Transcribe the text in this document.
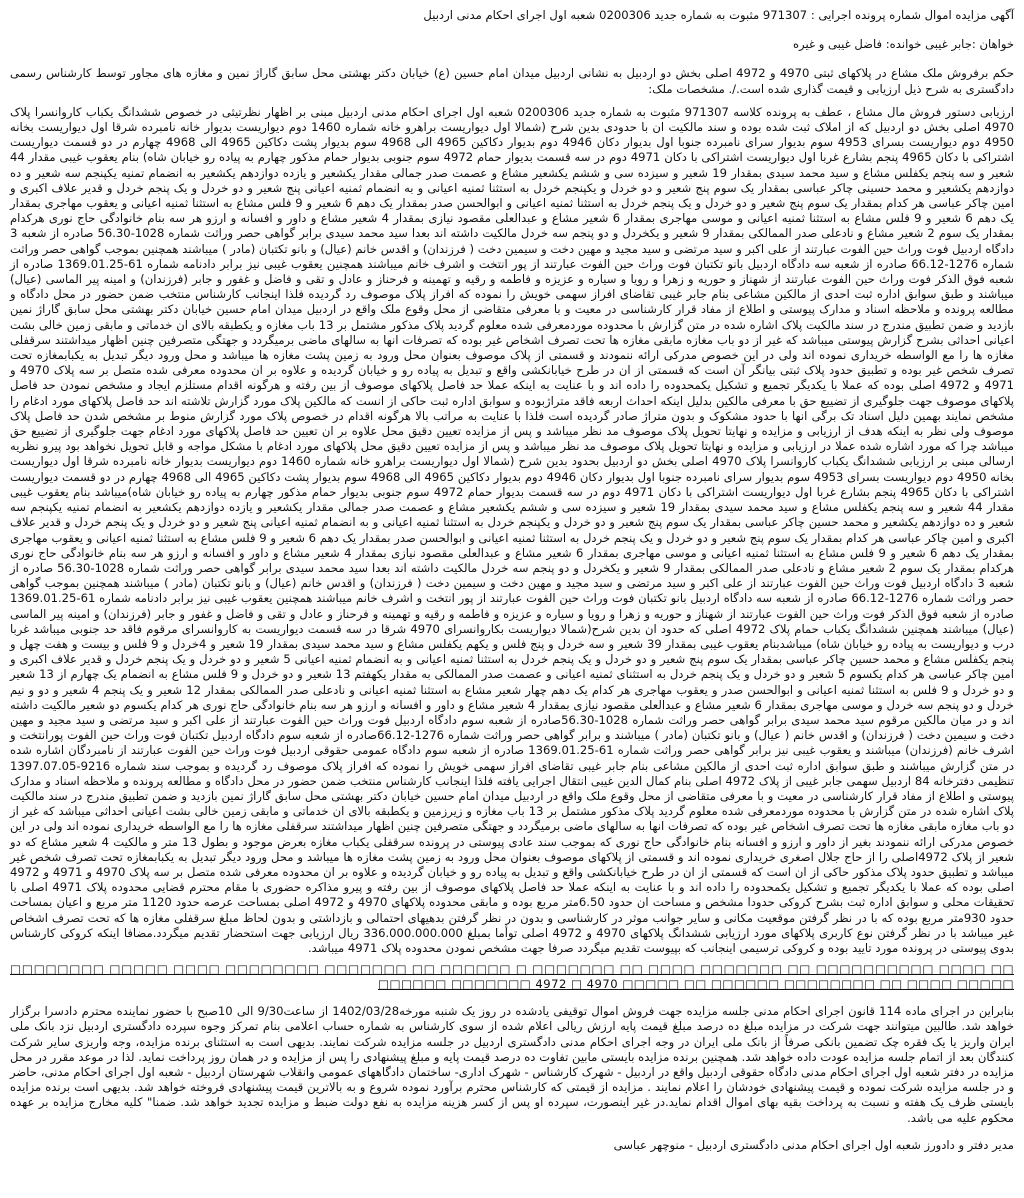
آگهی مزایده اموال شماره پرونده اجرایی : 971307 مثبوت به شماره جدید 0200306 شعبه اول اجرای احکام مدنی اردبیل

خواهان :جابر غیبی خوانده: فاضل غیبی و غیره

حکم برفروش ملک مشاع در پلاکهای ثبتی 4970 و 4972 اصلی بخش دو اردبیل به نشانی اردبیل میدان امام حسین (ع) خیابان دکتر بهشتی محل سابق گاراژ نمین و مغازه های مجاور توسط کارشناس رسمی دادگستری به شرح ذیل ارزیابی و قیمت گذاری شده است./. مشخصات ملک:

ارزیابی دستور فروش مال مشاع ، عطف به پرونده کلاسه 971307 مثبوت به شماره جدید 0200306 شعبه اول اجرای احکام مدنی اردبیل مبنی بر اظهار نظرتیثی در خصوص ششدانگ یکباب کاروانسرا پلاک 4970 اصلی بخش دو اردبیل که از املاک ثبت شده بوده و سند مالکیت ان با حدودی بدین شرح (شمالا اول دیواریست براهرو خانه شماره 1460 دوم دیواریست بدیوار خانه نامبرده شرقا اول دیواریست بخانه 4950 دوم دیواریست بسرای 4953 سوم بدیوار سرای نامبرده جنوبا اول بدیوار دکان 4946 دوم بدیوار دکاکین 4965 الی 4968 سوم بدیوار پشت دکاکین 4965 الی 4968 چهارم در دو قسمت دیواریست اشتراکی با دکان 4965 پنجم بشارع غربا اول دیواریست اشتراکی با دکان 4971 دوم در سه قسمت بدیوار حمام 4972 سوم جنوبی بدیوار حمام مذکور چهارم به پیاده رو خیابان شاه) بنام یعقوب غیبی مقدار 44 شعیر و سه پنجم یکفلس مشاع و سید محمد سیدی بمقدار 19 شعیر و سیزده سی و ششم یکشعیر مشاع و عصمت صدر جمالی مقدار یکشعیر و یازده دوازدهم یکشعیر به انضمام تمنیه یکپنجم سه شعیر و ده دوازدهم یکشعیر و محمد حسینی چاکر عباسی بمقدار یک سوم پنج شعیر و دو خردل و یکپنجم خردل به استثنا ثمنیه اعیانی و به انضمام ثمنیه اعیانی پنج شعیر و دو خردل و یک پنجم خردل و قدیر علاف اکبری و امین چاکر عباسی هر کدام بمقدار یک سوم پنج شعیر و دو خردل و یک پنجم خردل به استثنا ثمنیه اعیانی و ابوالحسن صدر بمقدار یک دهم 6 شعیر و 9 فلس مشاع به استثنا ثمنیه اعیانی و یعقوب مهاجری بمقدار یک دهم 6 شعیر و 9 فلس مشاع به استثنا ثمنیه اعیانی و موسی مهاجری بمقدار 6 شعیر مشاع و عبدالعلی مقصود نیازی بمقدار 4 شعیر مشاع و داور و افسانه و ارزو هر سه بنام خانوادگی حاج نوری هرکدام بمقدار یک سوم 2 شعیر مشاع و نادعلی صدر الممالکی بمقدار 9 شعیر و یکخردل و دو پنجم سه خردل مالکیت داشته اند بعدا سید محمد سیدی برابر گواهی حصر وراثت شماره 1028-56.30 صادره از شعبه 3 دادگاه اردبیل فوت وراث حین الفوت عبارتند از علی اکبر و سید مرتضی و سید مجید و مهین دخت و سیمین دخت ( فرزندان) و اقدس خانم (عیال) و بانو تکتبان (مادر ) میباشند همچنین بموجب گواهی حصر وراثت شماره 1276-66.12 صادره از شعبه سه دادگاه اردبیل بانو تکتبان فوت وراث حین الفوت عبارتند از پور انتخت و اشرف خانم میباشند همچنین یعقوب غیبی نیز برابر دادنامه شماره 61-1369.01.25 صادره از شعبه فوق الذکر فوت وراث حین الفوت عبارتند از شهناز و حوریه و زهرا و رویا و سیاره و عزیزه و فاطمه و رقیه و تهمینه و فرحناز و عادل و تقی و فاضل و غفور و جابر (فرزندان) و امینه پیر الماسی (عیال) میباشند و طبق سوابق اداره ثبت احدی از مالکین مشاعی بنام جابر غیبی تقاضای افراز سهمی خویش را نموده که افراز پلاک موصوف رد گردیده فلذا اینجانب کارشناس منتخب ضمن حضور در محل دادگاه و مطالعه پرونده و ملاحظه اسناد و مدارک پیوستی و اطلاع از مفاد قرار کارشناسی در معیت و با معرفی متقاضی از محل وقوع ملک واقع در اردبیل میدان امام حسین خیابان دکتر بهشتی محل سابق گاراژ نمین بازدید و ضمن تطبیق مندرج در سند مالکیت پلاک اشاره شده در متن گزارش با محدوده موردمعرفی شده معلوم گردید پلاک مذکور مشتمل بر 13 باب مغازه و یکطبقه بالای ان خدماتی و مابقی زمین خالی بشت اعیانی احداثی بشرح گزارش پیوستی میباشد که غیر از دو باب مغازه مابقی مغازه ها تحت تصرف اشخاص غیر بوده که تصرفات انها به سالهای ماضی برمیگردد و جهتگی متصرفین چنین اظهار میداشتند سرقفلی مغازه ها را مع الواسطه خریداری نموده اند ولی در این خصوص مدرکی ارائه ننمودند و قسمتی از پلاک موصوف بعنوان محل ورود به زمین پشت مغازه ها میباشد و محل ورود دیگر تبدیل به یکبابمغازه تحت تصرف شخص غیر بوده و تطبیق حدود پلاک ثبتی بیانگر آن است که قسمتی از ان در طرح خیابانکشی واقع و تبدیل به پیاده رو و خیابان گردیده و علاوه بر ان محدوده معرفی شده متصل بر سه پلاک 4970 و 4971 و 4972 اصلی بوده که عملا با یکدیگر تجمیع و تشکیل یکمحدوده را داده اند و با عنایت به اینکه عملا حد فاصل پلاکهای موصوف از بین رفته و هرگونه اقدام مستلزم ایجاد و مشخص نمودن حد فاصل پلاکهای موصوف جهت جلوگیری از تضییع حق با معرفی مالکین بدلیل اینکه احداث اربعه فاقد متراژبوده و سوابق اداره ثبت حاکی از انست که مالکین پلاک مورد گزارش تلاشته اند حد فاصل پلاکهای مورد ادغام را مشخص نمایند بهمین دلیل اسناد تک برگی انها با حدود مشکوک و بدون متراژ صادر گردیده است فلذا با عنایت به مراتب بالا هرگونه اقدام در خصوص پلاک مورد گزارش منوط بر مشخص شدن حد فاصل پلاک موصوف ولی نظر به اینکه هدف از ارزیابی و مزایده و نهایتا تحویل پلاک موصوف مد نظر میباشد و پس از مزایده تعیین دقیق محل علاوه بر ان تعیین حد فاصل پلاکهای مورد ادغام جهت جلوگیری از تضییع حق میباشد چرا که مورد اشاره شده عملا در ارزیابی و مزایده و نهایتا تحویل پلاک موصوف مد نظر میباشد و پس از مزایده تعیین دقیق محل پلاکهای مورد ادغام با مشکل مواجه و قابل تحویل نخواهد بود پیرو نظریه ارسالی مبنی بر ارزیابی ششدانگ یکباب کاروانسرا پلاک 4970 اصلی بخش دو اردبیل بحدود بدین شرح (شمالا اول دیواریست براهرو خانه شماره 1460 دوم دیواریست بدیوار خانه نامبرده شرقا اول دیواریست بخانه 4950 دوم دیواریست بسرای 4953 سوم بدیوار سرای نامبرده جنوبا اول بدیوار دکان 4946 دوم بدیوار دکاکین 4965 الی 4968 سوم بدیوار پشت دکاکین 4965 الی 4968 چهارم در دو قسمت دیواریست اشتراکی با دکان 4965 پنجم بشارع غربا اول دیواریست اشتراکی با دکان 4971 دوم در سه قسمت بدیوار حمام 4972 سوم جنوبی بدیوار حمام مذکور چهارم به پیاده رو خیابان شاه)میباشد بنام یعقوب غیبی مقدار 44 شعیر و سه پنجم یکفلس مشاع و سید محمد سیدی بمقدار 19 شعیر و سیزده سی و ششم یکشعیر مشاع و عصمت صدر جمالی مقدار یکشعیر و یازده دوازدهم یکشعیر به انضمام تمنیه یکپنجم سه شعیر و ده دوازدهم یکشعیر و محمد حسین چاکر عباسی بمقدار یک سوم پنج شعیر و دو خردل و یکپنجم خردل به استثنا ثمنیه اعیانی و به انضمام ثمنیه اعیانی پنج شعیر و دو خردل و یک پنجم خردل و قدیر علاف اکبری و امین چاکر عباسی هر کدام بمقدار یک سوم پنج شعیر و دو خردل و یک پنجم خردل به استثنا ثمنیه اعیانی و ابوالحسن صدر بمقدار یک دهم 6 شعیر و 9 فلس مشاع به استثنا ثمنیه اعیانی و یعقوب مهاجری بمقدار یک دهم 6 شعیر و 9 فلس مشاع به استثنا ثمنیه اعیانی و موسی مهاجری بمقدار 6 شعیر مشاع و عبدالعلی مقصود نیازی بمقدار 4 شعیر مشاع و داور و افسانه و ارزو هر سه بنام خانوادگی حاج نوری هرکدام بمقدار یک سوم 2 شعیر مشاع و نادعلی صدر الممالکی بمقدار 9 شعیر و یکخردل و دو پنجم سه خردل مالکیت داشته اند بعدا سید محمد سیدی برابر گواهی حصر وراثت شماره 1028-56.30 صادره از شعبه 3 دادگاه اردبیل فوت وراث حین الفوت عبارتند از علی اکبر و سید مرتضی و سید مجید و مهین دخت و سیمین دخت ( فرزندان) و اقدس خانم (عیال) و بانو تکتبان (مادر ) میباشند همچنین بموجب گواهی حصر وراثت شماره 1276-66.12 صادره از شعبه سه دادگاه اردبیل بانو تکتبان فوت وراث حین الفوت عبارتند از پور انتخت و اشرف خانم میباشند همچنین یعقوب غیبی نیز برابر دادنامه شماره 61-1369.01.25 صادره از شعبه فوق الذکر فوت وراث حین الفوت عبارتند از شهناز و حوریه و زهرا و رویا و سیاره و عزیزه و فاطمه و رقیه و تهمینه و فرحناز و عادل و تقی و فاضل و غفور و جابر (فرزندان) و امینه پیر الماسی (عیال) میباشند همچنین ششدانگ یکباب حمام پلاک 4972 اصلی که حدود ان بدین شرح(شمالا دیواریست بکاروانسرای 4970 شرقا در سه قسمت دیواریست به کاروانسرای مرقوم فاقد حد جنوبی میباشد غربا درب و دیواریست به پیاده رو خیابان شاه) میباشدبنام یعقوب غیبی بمقدار 39 شعیر و سه خردل و پنج فلس و یکهم یکفلس مشاع و سید محمد سیدی بمقدار 19 شعیر و 4خردل و 9 فلس و بیست و هفت چهل و پنجم یکفلس مشاع و محمد حسین چاکر عباسی بمقدار یک سوم پنج شعیر و دو خردل و یک پنجم خردل به استثنا ثمنیه اعیانی و به انضمام ثمنیه اعیانی 5 شعیر و دو خردل و یک پنجم خردل و قدیر علاف اکبری و امین چاکر عباسی هر کدام یکسوم 5 شعیر و دو خردل و یک پنجم خردل به استثنای ثمنیه اعیانی و عصمت صدر الممالکی به مقدار یکهفتم 13 شعیر و دو خردل و 9 فلس مشاع به انضمام یک چهارم از 13 شعیر و دو خردل و 9 فلس به استثنا ثمنیه اعیانی و ابوالحسن صدر و یعقوب مهاجری هر کدام یک دهم چهار شعیر مشاع به استثنا ثمنیه اعیانی و نادعلی صدر الممالکی بمقدار 12 شعیر و یک پنجم 4 شعیر و دو و نیم خردل و دو پنجم سه خردل و موسی مهاجری بمقدار 6 شعیر مشاع و عبدالعلی مقصود نیازی بمقدار 4 شعیر مشاع و داور و افسانه و ارزو هر سه بنام خانوادگی حاج نوری هر کدام یکسوم دو شعیر مالکیت داشته اند و در میان مالکین مرقوم سید محمد سیدی برابر گواهی حصر وراثت شماره 1028-56.30صادره از شعبه سوم دادگاه اردبیل فوت وراث حین الفوت عبارتند از علی اکبر و سید مرتضی و سید مجید و مهین دخت و سیمین دخت ( فرزندان) و اقدس خانم ( عیال) و بانو تکتبان (مادر ) میباشند و برابر گواهی حصر وراثت شماره 1276-66.12صادره از شعبه سوم دادگاه اردبیل تکتبان فوت وراث حین الفوت پورانتخت و اشرف خانم (فرزندان) میباشند و یعقوب غیبی نیز برابر گواهی حصر وراثت شماره 61-1369.01.25 صادره از شعبه سوم دادگاه عمومی حقوقی اردبیل فوت وراث حین الفوت عبارتند از نامبردگان اشاره شده در متن گزارش میباشند و طبق سوابق اداره ثبت احدی از مالکین مشاعی بنام جابر غیبی تقاضای افراز سهمی خویش را نموده که افراز پلاک موصوف رد گردیده و بموجب سند شماره 9216-1397.07.05 تنظیمی دفترخانه 84 اردبیل سهمی جابر غیبی از پلاک 4972 اصلی بنام کمال الدین غیبی انتقال اجرایی یافته فلذا اینجانب کارشناس منتخب ضمن حضور در محل دادگاه و مطالعه پرونده و ملاحظه اسناد و مدارک پیوستی و اطلاع از مفاد قرار کارشناسی در معیت و با معرفی متقاضی از محل وقوع ملک واقع در اردبیل میدان امام حسین خیابان دکتر بهشتی محل سابق گاراژ نمین بازدید و ضمن تطبیق مندرج در سند مالکیت پلاک اشاره شده در متن گزارش با محدوده موردمعرفی شده معلوم گردید پلاک مذکور مشتمل بر 13 باب مغازه و زیرزمین و یکطبقه بالای ان خدماتی و مابقی زمین خالی بشت اعیانی احداثی میباشد که غیر از دو باب مغازه مابقی مغازه ها تحت تصرف اشخاص غیر بوده که تصرفات انها به سالهای ماضی برمیگردد و جهتگی متصرفین چنین اظهار میداشتند سرقفلی مغازه ها را مع الواسطه خریداری نموده اند ولی در این خصوص مدرکی ارائه ننمودند بغیر از داور و ارزو و افسانه بنام خانوادگی حاج نوری که بموجب سند عادی پیوستی در پرونده سرقفلی یکباب مغازه بعرض موجود و بطول 13 متر و مالکیت 4 شعیر مشاع که دو شعیر از پلاک 4972اصلی را از حاج جلال اصغری خریداری نموده اند و قسمتی از پلاکهای موصوف بعنوان محل ورود به زمین پشت مغازه ها میباشد و محل ورود دیگر تبدیل به یکبابمغازه تحت تصرف شخص غیر میباشد و تطبیق حدود پلاک مذکور حاکی از ان است که قسمتی از ان در طرح خیابانکشی واقع و تبدیل به پیاده رو و خیابان گردیده و علاوه بر ان محدوده معرفی شده متصل بر سه پلاک 4970 و 4971 و 4972 اصلی بوده که عملا با یکدیگر تجمیع و تشکیل یکمحدوده را داده اند و با عنایت به اینکه عملا حد فاصل پلاکهای موصوف از بین رفته و پیرو مذاکره حضوری با مقام محترم قضایی محدوده پلاک 4971 اصلی با تحقیقات محلی و سوابق اداره ثبت بشرح کروکی حدودا مشخص و مساحت ان حدود 6.50متر مربع بوده و مابقی محدوده پلاکهای 4970 و 4972 اصلی بمساحت عرصه حدود 1120 متر مربع و اعیان بمساحت حدود 930متر مربع بوده که با در نظر گرفتن موقعیت مکانی و سایر جوانب موثر در کارشناسی و بدون در نظر گرفتن بدهیهای احتمالی و بازداشتی و بدون لحاظ مبلغ سرقفلی مغازه ها که تحت تصرف اشخاص غیر میباشد با در نظر گرفتن نوع کاربری پلاکهای مورد ارزیابی ششدانگ پلاکهای 4970 و 4972 اصلی توأما بمبلغ 336.000.000.000 ریال ارزیابی جهت استحضار تقدیم میگردد.مضافا اینکه کروکی کارشناس بدوی پیوستی در پرونده مورد تایید بوده و کروکی ترسیمی اینجانب که بپیوست تقدیم میگردد صرفا جهت مشخص نمودن محدوده پلاک 4971 میباشد.

□□ □□□□ □□□□□□□□□□ □□ □□□□□□□ □□□□ □□ □□□□□□□ □ □□□□□□ □□ □□□□□□□ □□□□□□□□ □□□□ □□□□□ □□□□□□□□ □□□□□ □□□□ □□ □□□□□□□□ □□□□□□ □□ □□□□□ 4970 □ 4972 □□□□□□□ □□□□□□

بنابراین در اجرای ماده 114 قانون اجرای احکام مدنی جلسه مزایده جهت فروش اموال توقیفی یادشده در روز یک شنبه مورخه1402/03/28 از ساعت9/30 الی 10صبح با حضور نماینده محترم دادسرا برگزار خواهد شد. طالبین میتوانند جهت شرکت در مزایده مبلغ ده درصد مبلغ قیمت پایه ارزش ریالی اعلام شده از سوی کارشناس به شماره حساب اعلامی بنام تمرکز وجوه سپرده دادگستری اردبیل نزد بانک ملی ایران واریز یا یک فقره چک تضمین بانکی صرفاً از بانک ملی ایران در وجه اجرای احکام مدنی دادگستری اردبیل در جلسه مزایده شرکت نمایند. بدیهی است به استثنای برنده مزایده، وجه واریزی سایر شرکت کنندگان بعد از اتمام جلسه مزایده عودت داده خواهد شد. همچنین برنده مزایده بایستی مابین تفاوت ده درصد قیمت پایه و مبلغ پیشنهادی را پس از مزایده و در همان روز پرداخت نماید. لذا در موعد مقرر در محل مزایده در دفتر شعبه اول اجرای احکام مدنی دادگاه حقوقی اردبیل واقع در اردبیل - شهرک کارشناس - شهرک اداری- ساختمان دادگاههای عمومی وانقلاب شهرستان اردبیل - شعبه اول اجرای احکام مدنی، حاضر و در جلسه مزایده شرکت نموده و قیمت پیشنهادی خودشان را اعلام نمایند . مزایده از قیمتی که کارشناس محترم برآورد نموده شروع و به بالاترین قیمت پیشنهادی فروخته خواهد شد. بدیهی است برنده مزایده بایستی ظرف یک هفته و نسبت به پرداخت بقیه بهای اموال اقدام نماید.در غیر اینصورت، سپرده او پس از کسر هزینه مزایده به نفع دولت ضبط و مزایده تجدید خواهد شد. ضمنا" کلیه مخارج مزایده بر عهده محکوم علیه می باشد.

مدیر دفتر و دادورز شعبه اول اجرای احکام مدنی دادگستری اردبیل - منوچهر عباسی
